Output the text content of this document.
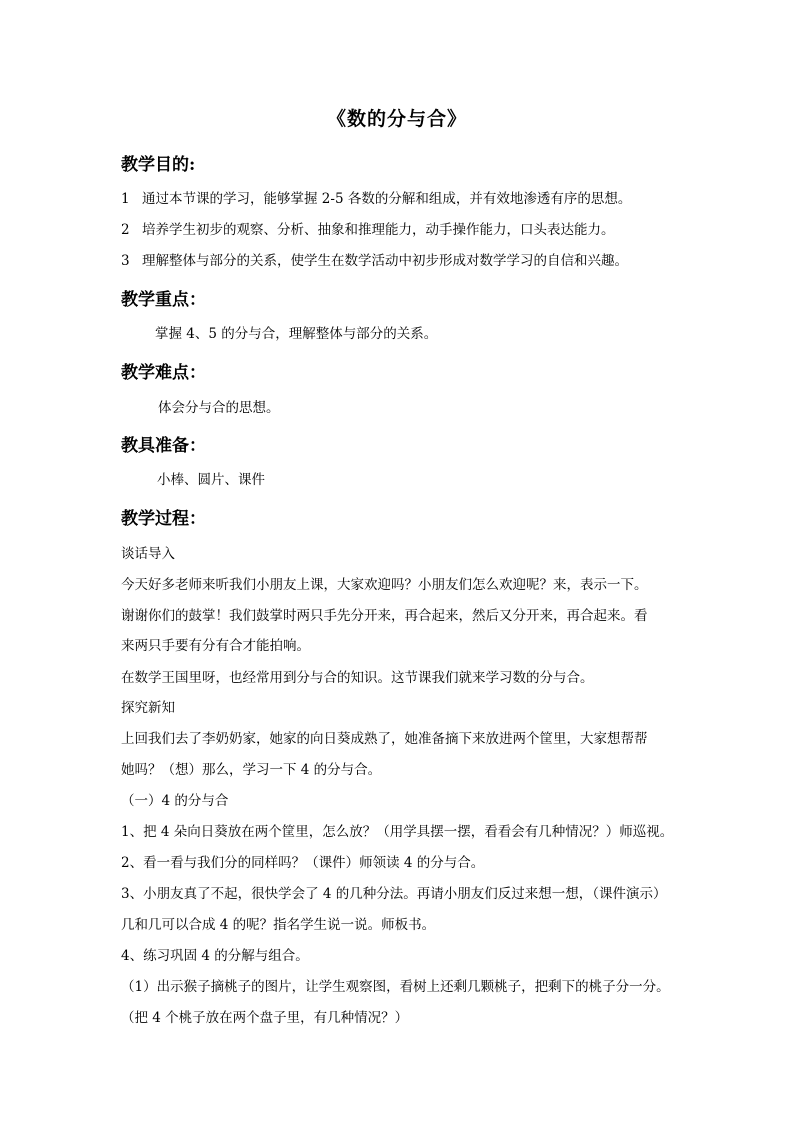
《数的分与合》
教学目的:
1 通过本节课的学习，能够掌握 2-5 各数的分解和组成，并有效地渗透有序的思想。
2 培养学生初步的观察、分析、抽象和推理能力，动手操作能力，口头表达能力。
3 理解整体与部分的关系，使学生在数学活动中初步形成对数学学习的自信和兴趣。
教学重点：
掌握 4、5 的分与合，理解整体与部分的关系。
教学难点：
体会分与合的思想。
教具准备：
小棒、圆片、课件
教学过程：
谈话导入
今天好多老师来听我们小朋友上课，大家欢迎吗？小朋友们怎么欢迎呢？来，表示一下。
谢谢你们的鼓掌！我们鼓掌时两只手先分开来，再合起来，然后又分开来，再合起来。看
来两只手要有分有合才能拍响。
在数学王国里呀，也经常用到分与合的知识。这节课我们就来学习数的分与合。
探究新知
上回我们去了李奶奶家，她家的向日葵成熟了，她准备摘下来放进两个筐里，大家想帮帮
她吗？（想）那么，学习一下 4 的分与合。
（一）4 的分与合
1、把 4 朵向日葵放在两个筐里，怎么放？（用学具摆一摆，看看会有几种情况？）师巡视。
2、看一看与我们分的同样吗？（课件）师领读 4 的分与合。
3、小朋友真了不起，很快学会了 4 的几种分法。再请小朋友们反过来想一想，（课件演示）
几和几可以合成 4 的呢？指名学生说一说。师板书。
4、练习巩固 4 的分解与组合。
（1）出示猴子摘桃子的图片，让学生观察图，看树上还剩几颗桃子，把剩下的桃子分一分。
（把 4 个桃子放在两个盘子里，有几种情况？）
